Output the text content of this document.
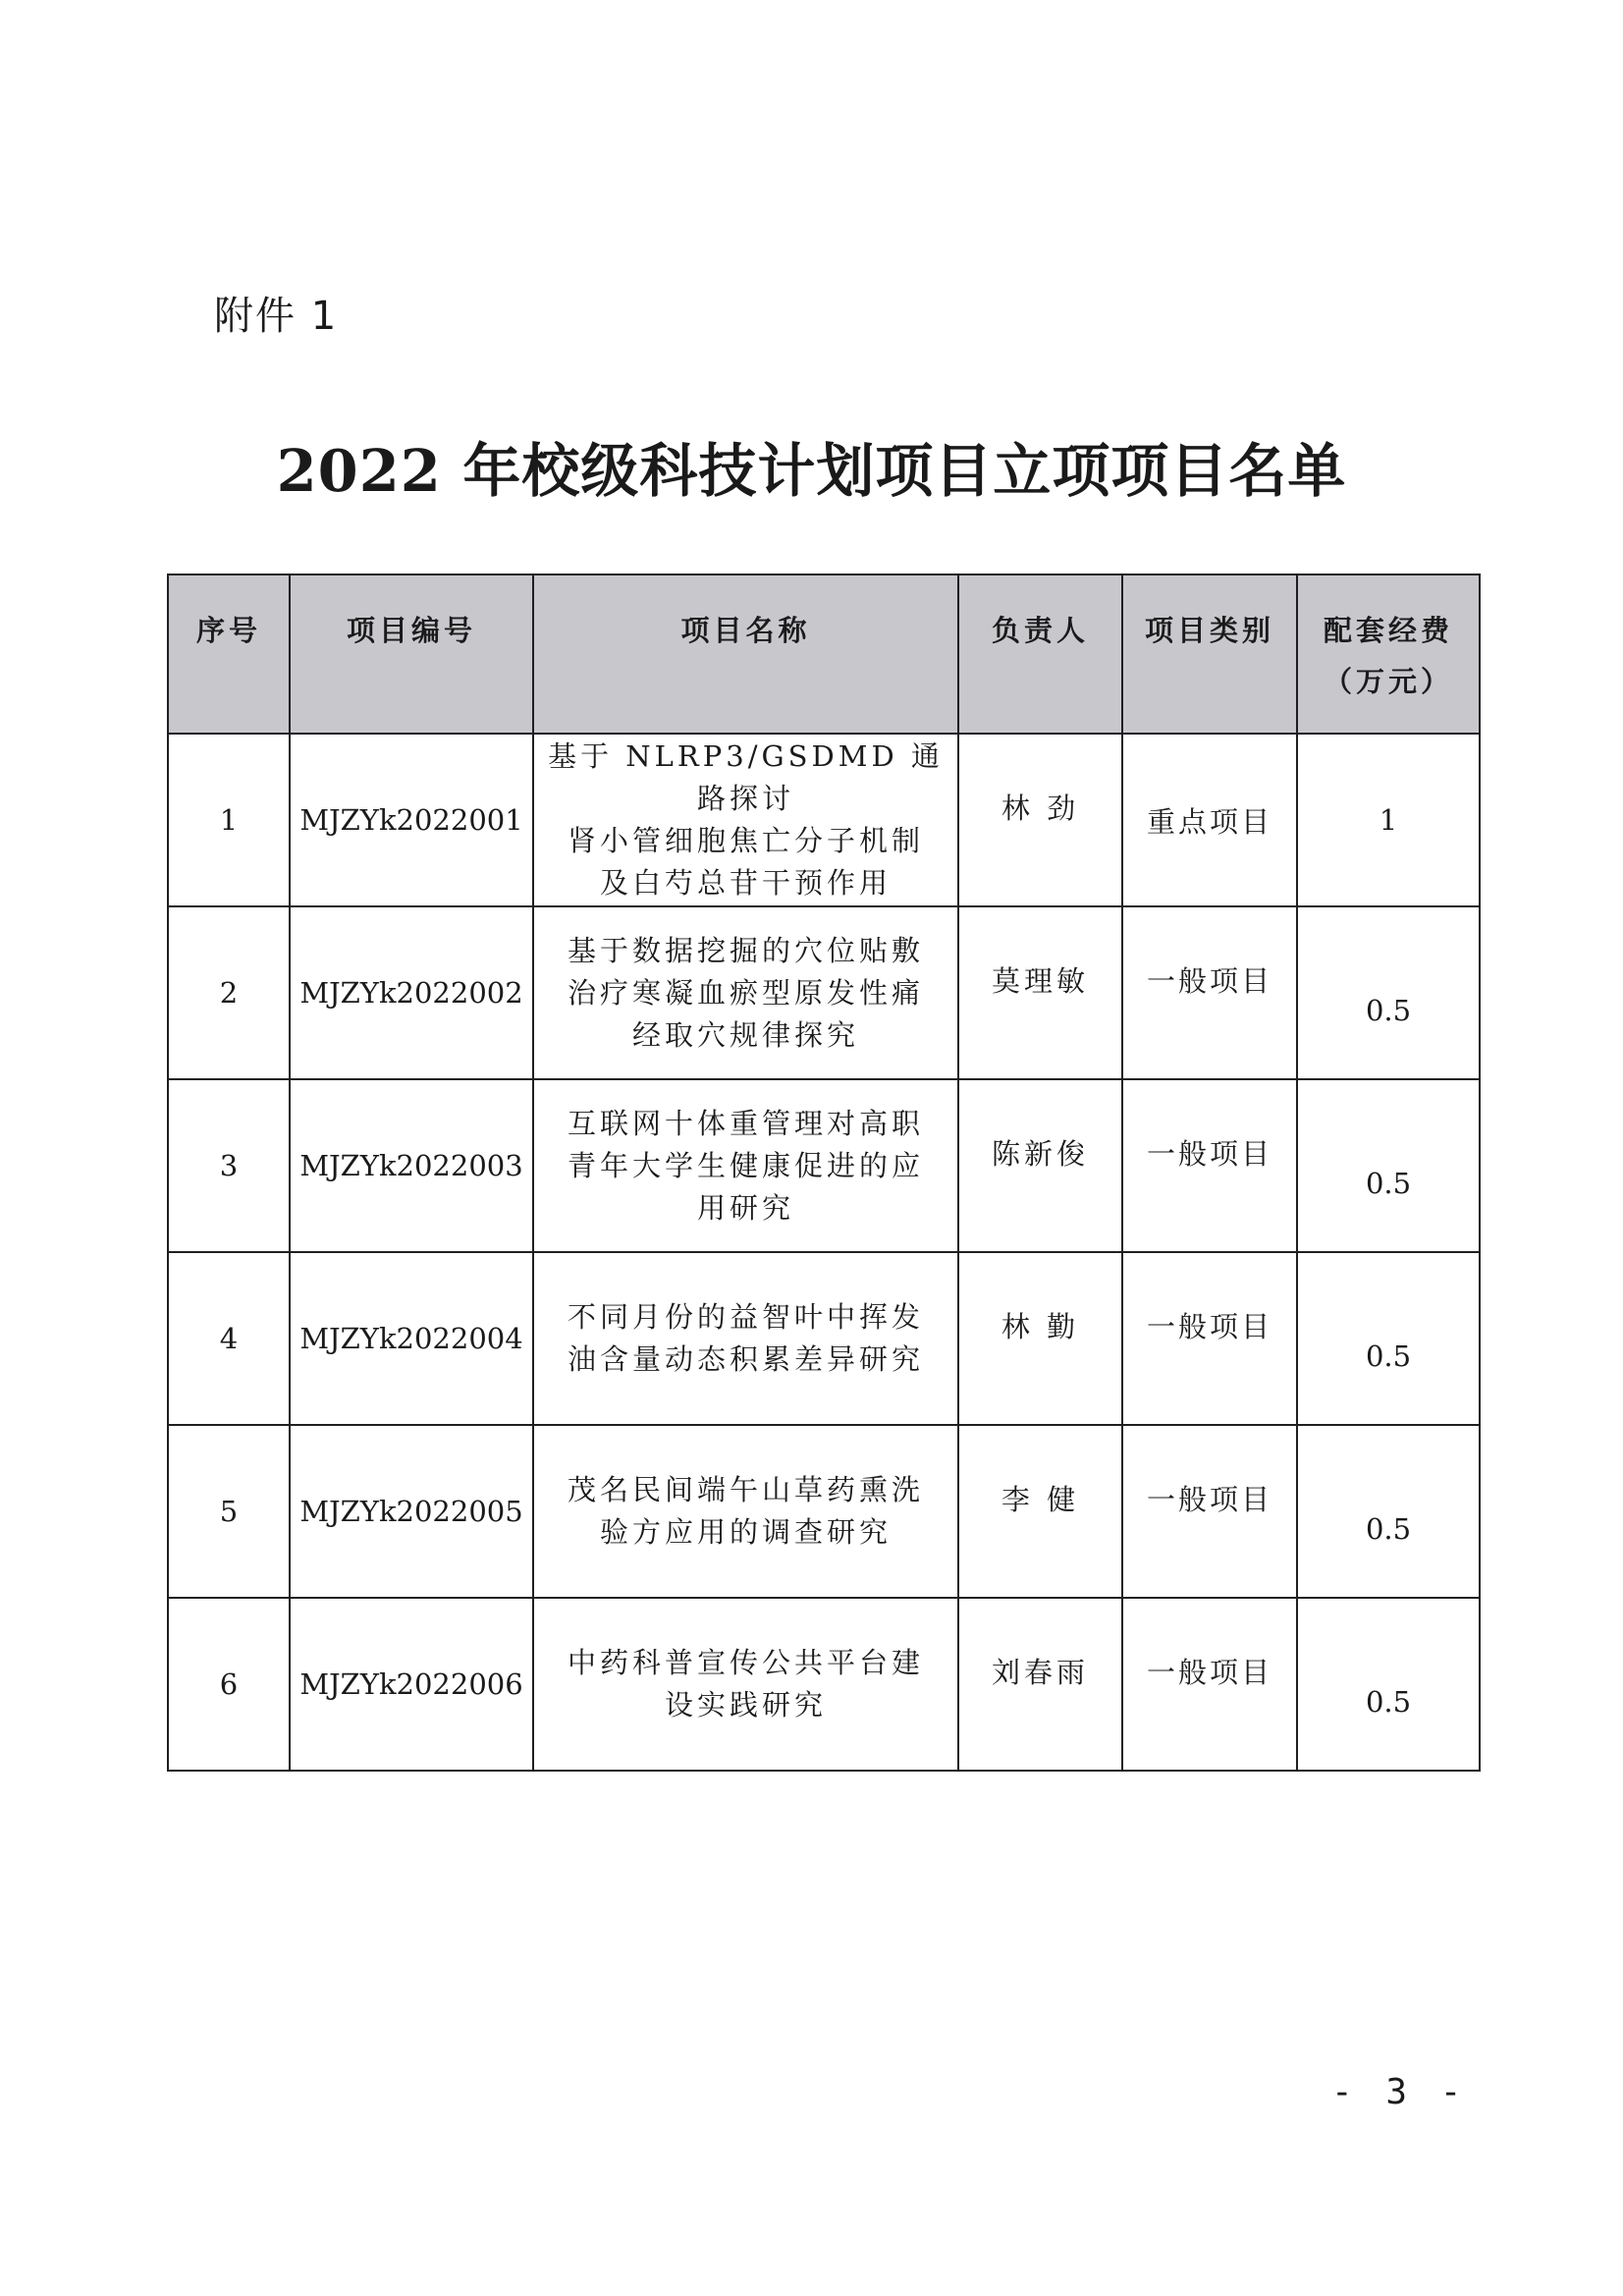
附件 1
2022 年校级科技计划项目立项项目名单
序号	项目编号	项目名称	负责人	项目类别	配套经费
（万元）

1	MJZYk2022001	基于 NLRP3/GSDMD 通路探讨
肾小管细胞焦亡分子机制
及白芍总苷干预作用	林 劲	重点项目	1
2	MJZYk2022002	基于数据挖掘的穴位贴敷
治疗寒凝血瘀型原发性痛
经取穴规律探究	莫理敏	一般项目	0.5
3	MJZYk2022003	互联网十体重管理对高职
青年大学生健康促进的应
用研究	陈新俊	一般项目	0.5
4	MJZYk2022004	不同月份的益智叶中挥发
油含量动态积累差异研究	林 勤	一般项目	0.5
5	MJZYk2022005	茂名民间端午山草药熏洗
验方应用的调查研究	李 健	一般项目	0.5
6	MJZYk2022006	中药科普宣传公共平台建
设实践研究	刘春雨	一般项目	0.5
- 3 -
